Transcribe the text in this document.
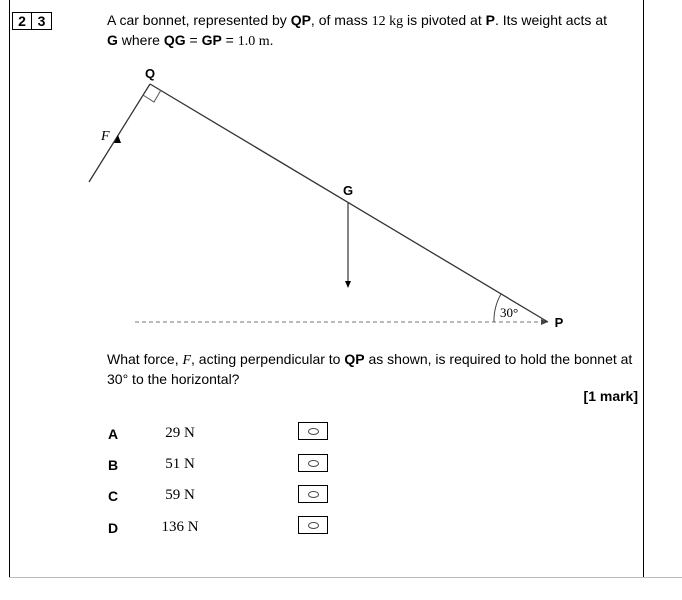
2 3	A car bonnet, represented by QP, of mass 12 kg is pivoted at P. Its weight acts at
G where QG = GP = 1.0 m.
Q
G
P
F
30°
What force, F, acting perpendicular to QP as shown, is required to hold the bonnet at 30° to the horizontal?
[1 mark]
A	29 N
B	51 N
C	59 N
D	136 N
